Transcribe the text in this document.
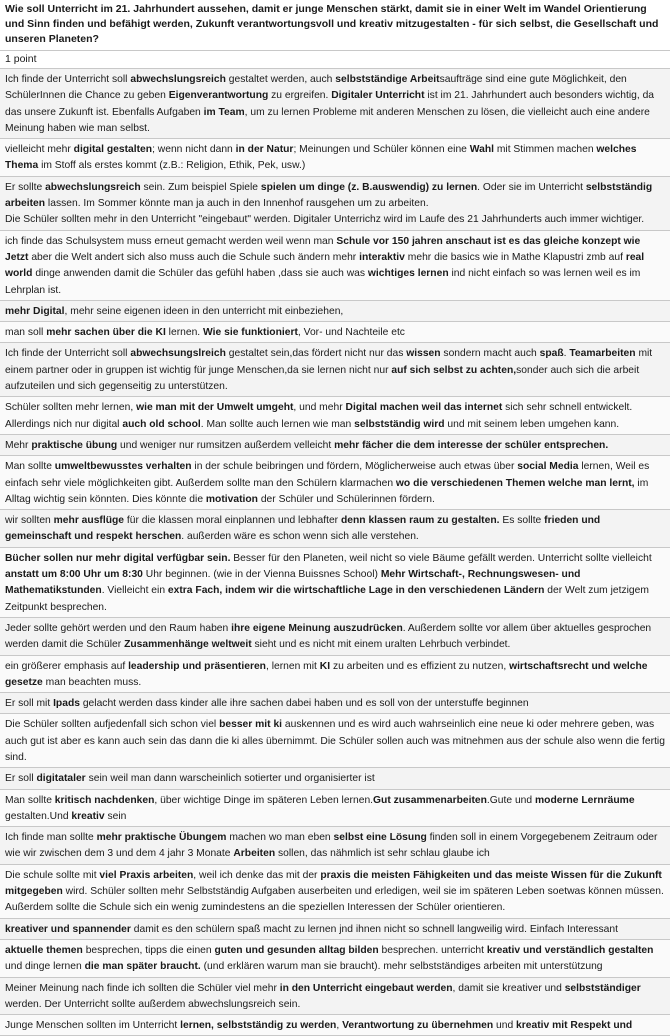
Wie soll Unterricht im 21. Jahrhundert aussehen, damit er junge Menschen stärkt, damit sie in einer Welt im Wandel Orientierung und Sinn finden und befähigt werden, Zukunft verantwortungsvoll und kreativ mitzugestalten - für sich selbst, die Gesellschaft und unseren Planeten?
1 point
Ich finde der Unterricht soll abwechslungsreich gestaltet werden, auch selbstständige Arbeitsaufträge sind eine gute Möglichkeit, den SchülerInnen die Chance zu geben Eigenverantwortung zu ergreifen. Digitaler Unterricht ist im 21. Jahrhundert auch besonders wichtig, da das unsere Zukunft ist. Ebenfalls Aufgaben im Team, um zu lernen Probleme mit anderen Menschen zu lösen, die vielleicht auch eine andere Meinung haben wie man selbst.
vielleicht mehr digital gestalten; wenn nicht dann in der Natur; Meinungen und Schüler können eine Wahl mit Stimmen machen welches Thema im Stoff als erstes kommt (z.B.: Religion, Ethik, Pek, usw.)
Er sollte abwechslungsreich sein. Zum beispiel Spiele spielen um dinge (z. B.auswendig) zu lernen. Oder sie im Unterricht selbstständig arbeiten lassen. Im Sommer könnte man ja auch in den Innenhof rausgehen um zu arbeiten.
Die Schüler sollten mehr in den Unterricht "eingebaut" werden. Digitaler Unterrichz wird im Laufe des 21 Jahrhunderts auch immer wichtiger.
ich finde das Schulsystem muss erneut gemacht werden weil wenn man Schule vor 150 jahren anschaut ist es das gleiche konzept wie Jetzt aber die Welt andert sich also muss auch die Schule such ändern mehr interaktiv mehr die basics wie in Mathe Klapustri zmb auf real world dinge anwenden damit die Schüler das gefühl haben ,dass sie auch was wichtiges lernen ind nicht einfach so was lernen weil es im Lehrplan ist.
mehr Digital, mehr seine eigenen ideen in den unterricht mit einbeziehen,
man soll mehr sachen über die KI lernen. Wie sie funktioniert, Vor- und Nachteile etc
Ich finde der Unterricht soll abwechsungslreich gestaltet sein,das fördert nicht nur das wissen sondern macht auch spaß. Teamarbeiten mit einem partner oder in gruppen ist wichtig für junge Menschen,da sie lernen nicht nur auf sich selbst zu achten,sonder auch sich die arbeit aufzuteilen und sich gegenseitig zu unterstützen.
Schüler sollten mehr lernen, wie man mit der Umwelt umgeht, und mehr Digital machen weil das internet sich sehr schnell entwickelt. Allerdings nich nur digital auch old school. Man sollte auch lernen wie man selbstständig wird und mit seinem leben umgehen kann.
Mehr praktische übung und weniger nur rumsitzen außerdem velleicht mehr fächer die dem interesse der schüler entsprechen.
Man sollte umweltbewusstes verhalten in der schule beibringen und fördern, Möglicherweise auch etwas über social Media lernen, Weil es einfach sehr viele möglichkeiten gibt. Außerdem sollte man den Schülern klarmachen wo die verschiedenen Themen welche man lernt, im Alltag wichtig sein könnten. Dies könnte die motivation der Schüler und Schülerinnen fördern.
wir sollten mehr ausflüge für die klassen moral einplannen und lebhafter denn klassen raum zu gestalten. Es sollte frieden und gemeinschaft und respekt herschen. außerden wäre es schon wenn sich alle verstehen.
Bücher sollen nur mehr digital verfügbar sein. Besser für den Planeten, weil nicht so viele Bäume gefällt werden. Unterricht sollte vielleicht anstatt um 8:00 Uhr um 8:30 Uhr beginnen. (wie in der Vienna Buissnes School) Mehr Wirtschaft-, Rechnungswesen- und Mathematikstunden. Vielleicht ein extra Fach, indem wir die wirtschaftliche Lage in den verschiedenen Ländern der Welt zum jetzigem Zeitpunkt besprechen.
Jeder sollte gehört werden und den Raum haben ihre eigene Meinung auszudrücken. Außerdem sollte vor allem über aktuelles gesprochen werden damit die Schüler Zusammenhänge weltweit sieht und es nicht mit einem uralten Lehrbuch verbindet.
ein größerer emphasis auf leadership und präsentieren, lernen mit KI zu arbeiten und es effizient zu nutzen, wirtschaftsrecht und welche gesetze man beachten muss.
Er soll mit Ipads gelacht werden dass kinder alle ihre sachen dabei haben und es soll von der unterstuffe beginnen
Die Schüler sollten aufjedenfall sich schon viel besser mit ki auskennen und es wird auch wahrseinlich eine neue ki oder mehrere geben, was auch gut ist aber es kann auch sein das dann die ki alles übernimmt. Die Schüler sollen auch was mitnehmen aus der schule also wenn die fertig sind.
Er soll digitataler sein weil man dann warscheinlich sotierter und organisierter ist
Man sollte kritisch nachdenken, über wichtige Dinge im späteren Leben lernen.Gut zusammenarbeiten.Gute und moderne Lernräume gestalten.Und kreativ sein
Ich finde man sollte mehr praktische Übungem machen wo man eben selbst eine Lösung finden soll in einem Vorgegebenem Zeitraum oder wie wir zwischen dem 3 und dem 4 jahr 3 Monate Arbeiten sollen, das nähmlich ist sehr schlau glaube ich
Die schule sollte mit viel Praxis arbeiten, weil ich denke das mit der praxis die meisten Fähigkeiten und das meiste Wissen für die Zukunft mitgegeben wird. Schüler sollten mehr Selbstständig Aufgaben auserbeiten und erledigen, weil sie im späteren Leben soetwas können müssen. Außerdem sollte die Schule sich ein wenig zumindestens an die speziellen Interessen der Schüler orientieren.
kreativer und spannender damit es den schülern spaß macht zu lernen jnd ihnen nicht so schnell langweilig wird. Einfach Interessant
aktuelle themen besprechen, tipps die einen guten und gesunden alltag bilden besprechen. unterricht kreativ und verständlich gestalten und dinge lernen die man später braucht. (und erklären warum man sie braucht). mehr selbstständiges arbeiten mit unterstützung
Meiner Meinung nach finde ich sollten die Schüler viel mehr in den Unterricht eingebaut werden, damit sie kreativer und selbstständiger werden. Der Unterricht sollte außerdem abwechslungsreich sein.
Junge Menschen sollten im Unterricht lernen, selbstständig zu werden, Verantwortung zu übernehmen und kreativ mit Respekt und
